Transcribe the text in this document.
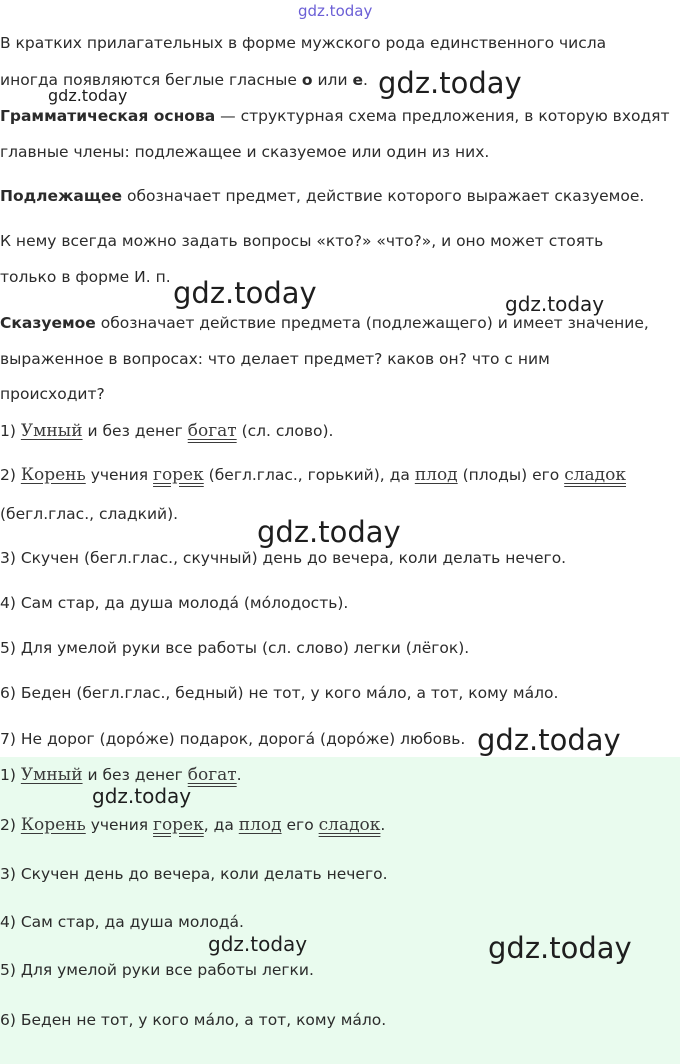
gdz.today
В кратких прилагательных в форме мужского рода единственного числа
иногда появляются беглые гласные о или е.
Грамматическая основа — структурная схема предложения, в которую входят
главные члены: подлежащее и сказуемое или один из них.
Подлежащее обозначает предмет, действие которого выражает сказуемое.
К нему всегда можно задать вопросы «кто?» «что?», и оно может стоять
только в форме И. п.
Сказуемое обозначает действие предмета (подлежащего) и имеет значение,
выраженное в вопросах: что делает предмет? каков он? что с ним
происходит?
1) Умный и без денег богат (сл. слово).
2) Корень учения горек (бегл.глас., горький), да плод (плоды) его сладок
(бегл.глас., сладкий).
3) Скучен (бегл.глас., скучный) день до вечера, коли делать нечего.
4) Сам стар, да душа молода́ (мо́лодость).
5) Для умелой руки все работы (сл. слово) легки (лёгок).
6) Беден (бегл.глас., бедный) не тот, у кого ма́ло, а тот, кому ма́ло.
7) Не дорог (доро́же) подарок, дорога́ (доро́же) любовь.
1) Умный и без денег богат.
2) Корень учения горек, да плод его сладок.
3) Скучен день до вечера, коли делать нечего.
4) Сам стар, да душа молода́.
5) Для умелой руки все работы легки.
6) Беден не тот, у кого ма́ло, а тот, кому ма́ло.
gdz.today
gdz.today
gdz.today	gdz.today
gdz.today
gdz.today
gdz.today
gdz.today	gdz.today
